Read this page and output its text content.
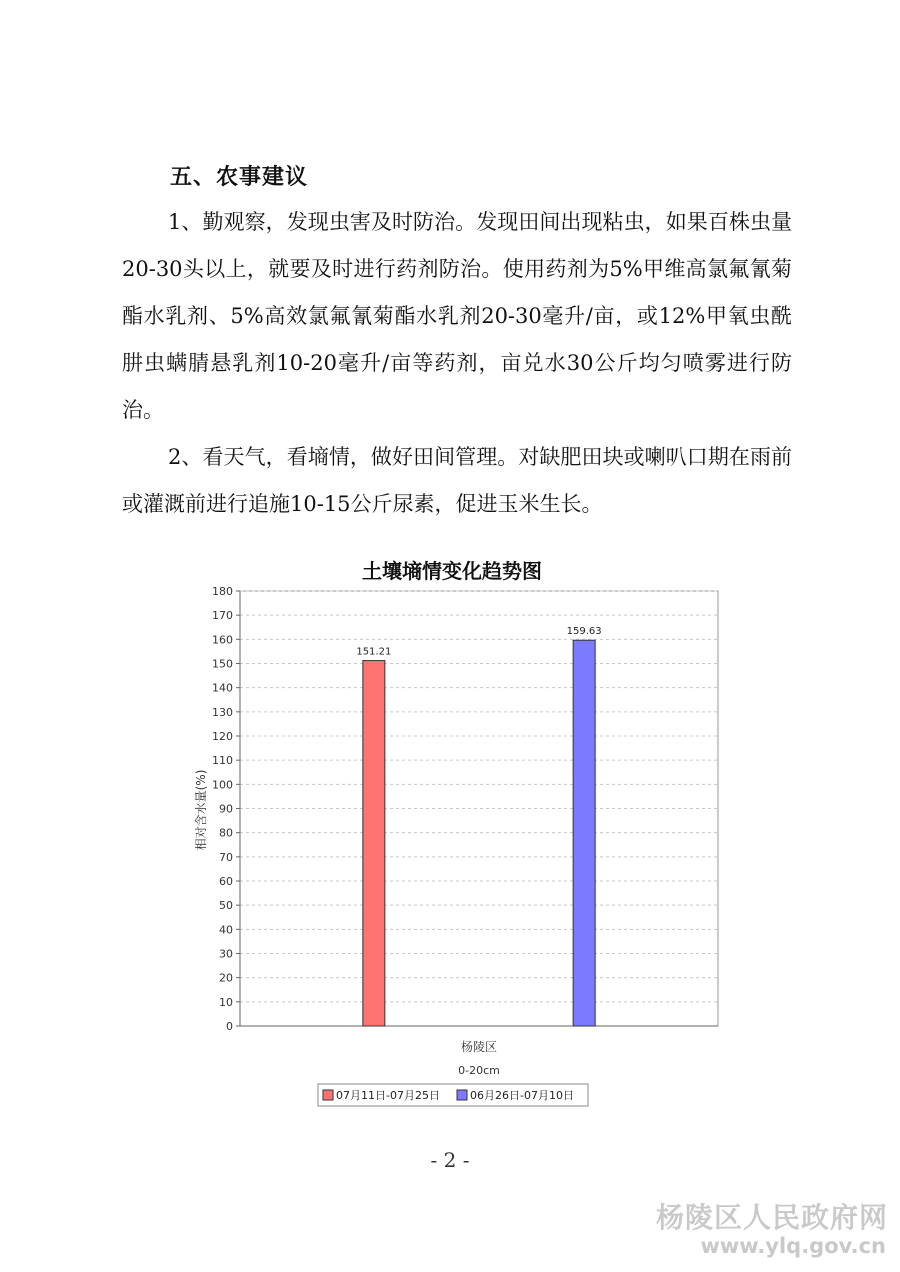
五、农事建议
1、勤观察，发现虫害及时防治。发现田间出现粘虫，如果百株虫量20-30头以上，就要及时进行药剂防治。使用药剂为5%甲维高氯氟氰菊酯水乳剂、5%高效氯氟氰菊酯水乳剂20-30毫升/亩，或12%甲氧虫酰肼虫螨腈悬乳剂10-20毫升/亩等药剂，亩兑水30公斤均匀喷雾进行防治。
2、看天气，看墒情，做好田间管理。对缺肥田块或喇叭口期在雨前或灌溉前进行追施10-15公斤尿素，促进玉米生长。
土壤墒情变化趋势图
0
10
20
30
40
50
60
70
80
90
100
110
120
130
140
150
160
170
180
相对含水量(%)
151.21
159.63
杨陵区
0-20cm
07月11日-07月25日	06月26日-07月10日
- 2 -
杨陵区人民政府网
www.ylq.gov.cn
